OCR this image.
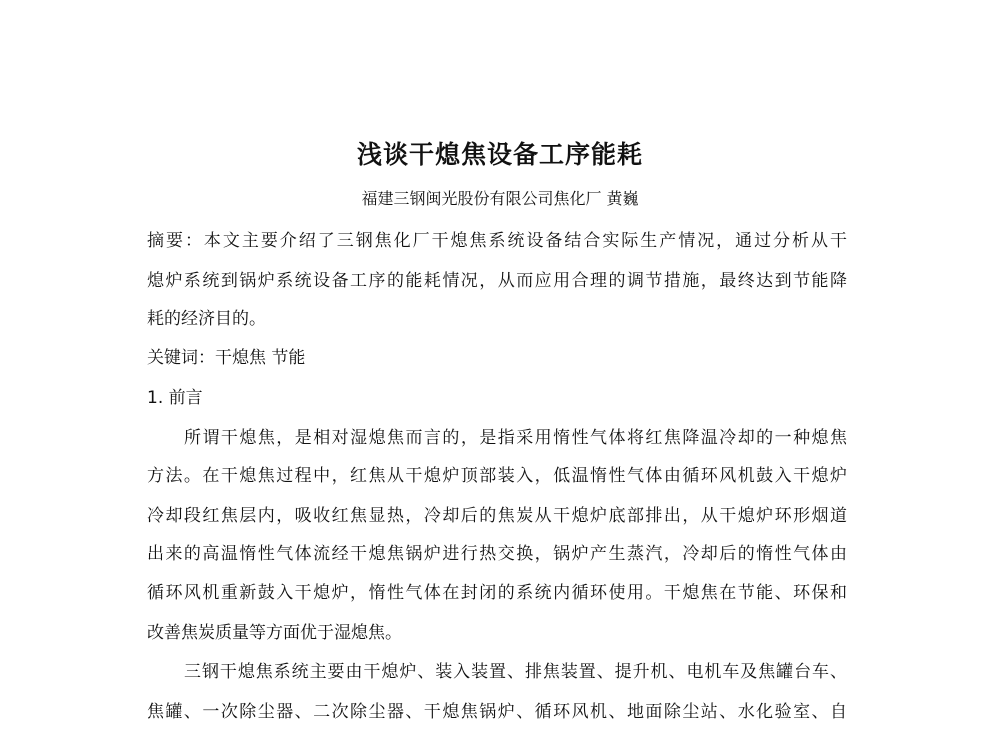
浅谈干熄焦设备工序能耗
福建三钢闽光股份有限公司焦化厂 黄巍
摘要：本文主要介绍了三钢焦化厂干熄焦系统设备结合实际生产情况，通过分析从干
熄炉系统到锅炉系统设备工序的能耗情况，从而应用合理的调节措施，最终达到节能降
耗的经济目的。
关键词：干熄焦 节能
1. 前言
所谓干熄焦，是相对湿熄焦而言的，是指采用惰性气体将红焦降温冷却的一种熄焦
方法。在干熄焦过程中，红焦从干熄炉顶部装入，低温惰性气体由循环风机鼓入干熄炉
冷却段红焦层内，吸收红焦显热，冷却后的焦炭从干熄炉底部排出，从干熄炉环形烟道
出来的高温惰性气体流经干熄焦锅炉进行热交换，锅炉产生蒸汽，冷却后的惰性气体由
循环风机重新鼓入干熄炉，惰性气体在封闭的系统内循环使用。干熄焦在节能、环保和
改善焦炭质量等方面优于湿熄焦。
三钢干熄焦系统主要由干熄炉、装入装置、排焦装置、提升机、电机车及焦罐台车、
焦罐、一次除尘器、二次除尘器、干熄焦锅炉、循环风机、地面除尘站、水化验室、自
